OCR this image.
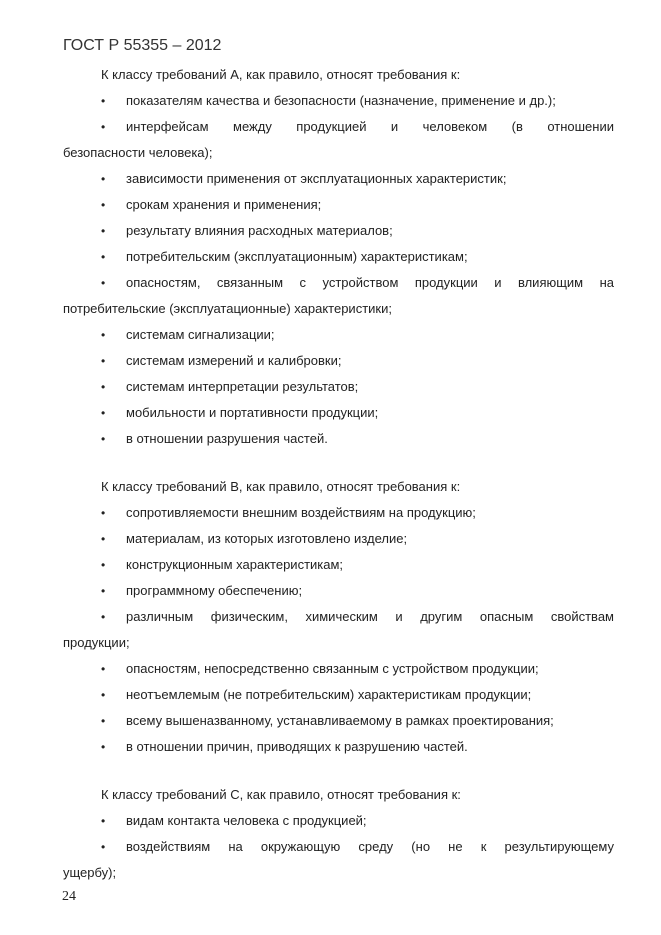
ГОСТ Р 55355 – 2012
К классу требований А, как правило, относят требования к:
•	показателям качества и безопасности (назначение, применение и др.);
•	интерфейсам между продукцией и человеком (в отношении
безопасности человека);
•	зависимости применения от эксплуатационных характеристик;
•	срокам хранения и применения;
•	результату влияния расходных материалов;
•	потребительским (эксплуатационным) характеристикам;
•	опасностям, связанным с устройством продукции и влияющим на
потребительские (эксплуатационные) характеристики;
•	системам сигнализации;
•	системам измерений и калибровки;
•	системам интерпретации результатов;
•	мобильности и портативности продукции;
•	в отношении разрушения частей.
К классу требований В, как правило, относят требования к:
•	сопротивляемости внешним воздействиям на продукцию;
•	материалам, из которых изготовлено изделие;
•	конструкционным характеристикам;
•	программному обеспечению;
•	различным физическим, химическим и другим опасным свойствам
продукции;
•	опасностям, непосредственно связанным с устройством продукции;
•	неотъемлемым (не потребительским) характеристикам продукции;
•	всему вышеназванному, устанавливаемому в рамках проектирования;
•	в отношении причин, приводящих к разрушению частей.
К классу требований С, как правило, относят требования к:
•	видам контакта человека с продукцией;
•	воздействиям на окружающую среду (но не к результирующему
ущербу);
24
